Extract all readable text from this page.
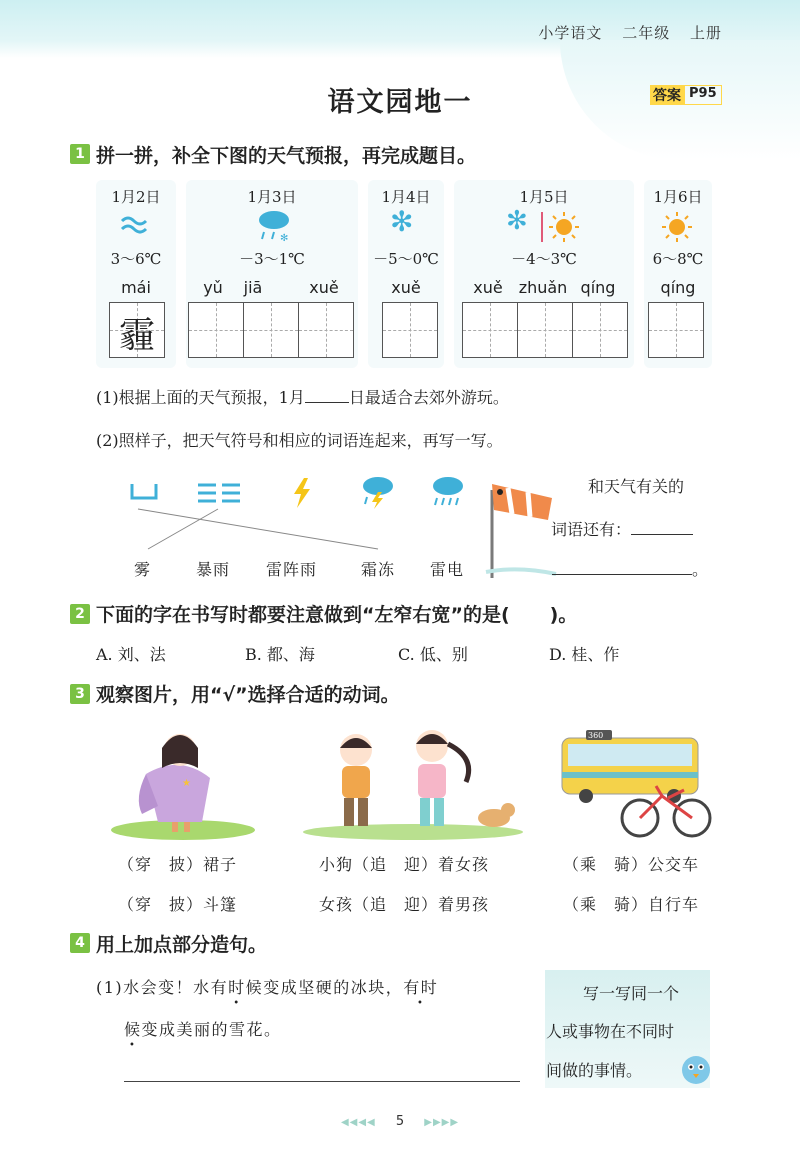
小学语文 二年级 上册
语文园地一	答案 P95
1 拼一拼，补全下图的天气预报，再完成题目。
1月2日
3～6℃
mái
霾
1月3日
✻
－3～1℃
yǔ	jiā	xuě
1月4日
✻
－5～0℃
xuě
1月5日
✻
－4～3℃
xuě zhuǎn qíng
1月6日
6～8℃
qíng
(1)根据上面的天气预报，1月	日最适合去郊外游玩。
(2)照样子，把天气符号和相应的词语连起来，再写一写。
雾	暴雨 雷阵雨	霜冻 雷电
和天气有关的
词语还有：
。
2 下面的字在书写时都要注意做到“左窄右宽”的是( )。
A. 刘、法	B. 都、海	C. 低、别	D. 桂、作
3 观察图片，用“√”选择合适的动词。
★
360
（穿　披）裙子
（穿　披）斗篷
小狗（追　迎）着女孩
女孩（追　迎）着男孩
（乘　骑）公交车
（乘　骑）自行车
4 用上加点部分造句。
(1)水会变！水有时候变成坚硬的冰块，有时
候变成美丽的雪花。
写一写同一个
人或事物在不同时
间做的事情。
◀◀◀◀ 5 ▶▶▶▶
